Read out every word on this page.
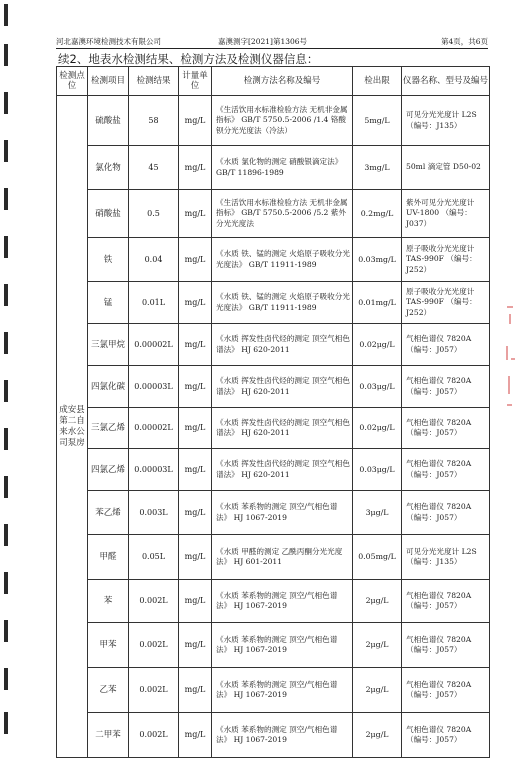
河北嘉澳环境检测技术有限公司	嘉澳测字[2021]第1306号	第4页，共6页
续2、地表水检测结果、检测方法及检测仪器信息：
检测点位	检测项目	检测结果	计量单位	检测方法名称及编号	检出限	仪器名称、型号及编号
成安县第二自来水公司泵房	硫酸盐	58	mg/L	《生活饮用水标准检验方法 无机非金属指标》 GB/T 5750.5-2006 /1.4 铬酸钡分光光度法（冷法）	5mg/L	可见分光光度计 L2S （编号：J135）
	氯化物	45	mg/L	《水质 氯化物的测定 硝酸银滴定法》GB/T 11896-1989	3mg/L	50ml 滴定管 D50-02
	硝酸盐	0.5	mg/L	《生活饮用水标准检验方法 无机非金属指标》 GB/T 5750.5-2006 /5.2 紫外分光光度法	0.2mg/L	紫外可见分光光度计 UV-1800 （编号：J037）
	铁	0.04	mg/L	《水质 铁、锰的测定 火焰原子吸收分光光度法》 GB/T 11911-1989	0.03mg/L	原子吸收分光光度计 TAS-990F （编号：J252）
	锰	0.01L	mg/L	《水质 铁、锰的测定 火焰原子吸收分光光度法》 GB/T 11911-1989	0.01mg/L	原子吸收分光光度计 TAS-990F （编号：J252）
	三氯甲烷	0.00002L	mg/L	《水质 挥发性卤代烃的测定 顶空气相色谱法》 HJ 620-2011	0.02μg/L	气相色谱仪 7820A （编号：J057）
	四氯化碳	0.00003L	mg/L	《水质 挥发性卤代烃的测定 顶空气相色谱法》 HJ 620-2011	0.03μg/L	气相色谱仪 7820A （编号：J057）
	三氯乙烯	0.00002L	mg/L	《水质 挥发性卤代烃的测定 顶空气相色谱法》 HJ 620-2011	0.02μg/L	气相色谱仪 7820A （编号：J057）
	四氯乙烯	0.00003L	mg/L	《水质 挥发性卤代烃的测定 顶空气相色谱法》 HJ 620-2011	0.03μg/L	气相色谱仪 7820A （编号：J057）
	苯乙烯	0.003L	mg/L	《水质 苯系物的测定 顶空/气相色谱法》 HJ 1067-2019	3μg/L	气相色谱仪 7820A （编号：J057）
	甲醛	0.05L	mg/L	《水质 甲醛的测定 乙酰丙酮分光光度法》 HJ 601-2011	0.05mg/L	可见分光光度计 L2S （编号：J135）
	苯	0.002L	mg/L	《水质 苯系物的测定 顶空/气相色谱法》 HJ 1067-2019	2μg/L	气相色谱仪 7820A （编号：J057）
	甲苯	0.002L	mg/L	《水质 苯系物的测定 顶空/气相色谱法》 HJ 1067-2019	2μg/L	气相色谱仪 7820A （编号：J057）
	乙苯	0.002L	mg/L	《水质 苯系物的测定 顶空/气相色谱法》 HJ 1067-2019	2μg/L	气相色谱仪 7820A （编号：J057）
	二甲苯	0.002L	mg/L	《水质 苯系物的测定 顶空/气相色谱法》 HJ 1067-2019	2μg/L	气相色谱仪 7820A （编号：J057）
